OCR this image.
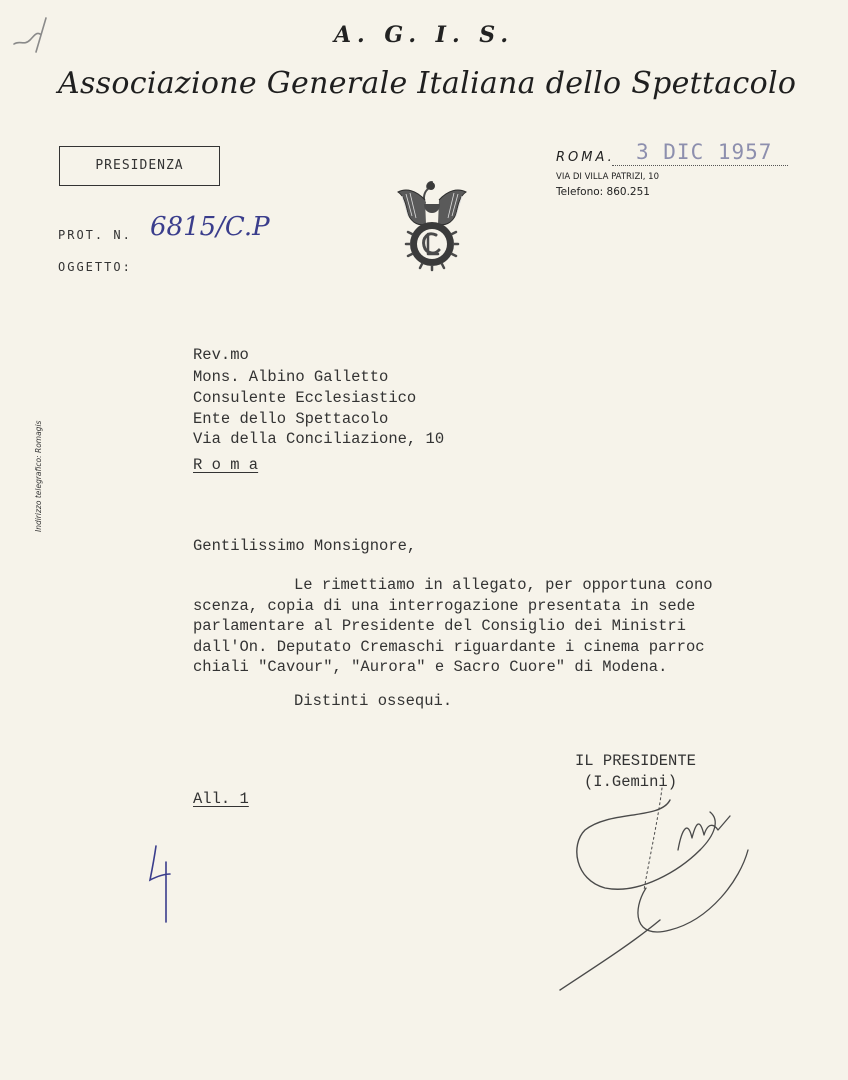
A. G. I. S.
Associazione Generale Italiana dello Spettacolo
PRESIDENZA
ROMA. 3 DIC 1957
VIA DI VILLA PATRIZI, 10
Telefono: 860.251
PROT. N. 6815/C.P
OGGETTO:
Indirizzo telegrafico: Romagis
Rev.mo
Mons. Albino Galletto
Consulente Ecclesiastico
Ente dello Spettacolo
Via della Conciliazione, 10
R o m a
Gentilissimo Monsignore,
Le rimettiamo in allegato, per opportuna cono
scenza, copia di una interrogazione presentata in sede
parlamentare al Presidente del Consiglio dei Ministri
dall'On. Deputato Cremaschi riguardante i cinema parroc
chiali "Cavour", "Aurora" e Sacro Cuore" di Modena.
Distinti ossequi.
IL PRESIDENTE
(I.Gemini)
All. 1
